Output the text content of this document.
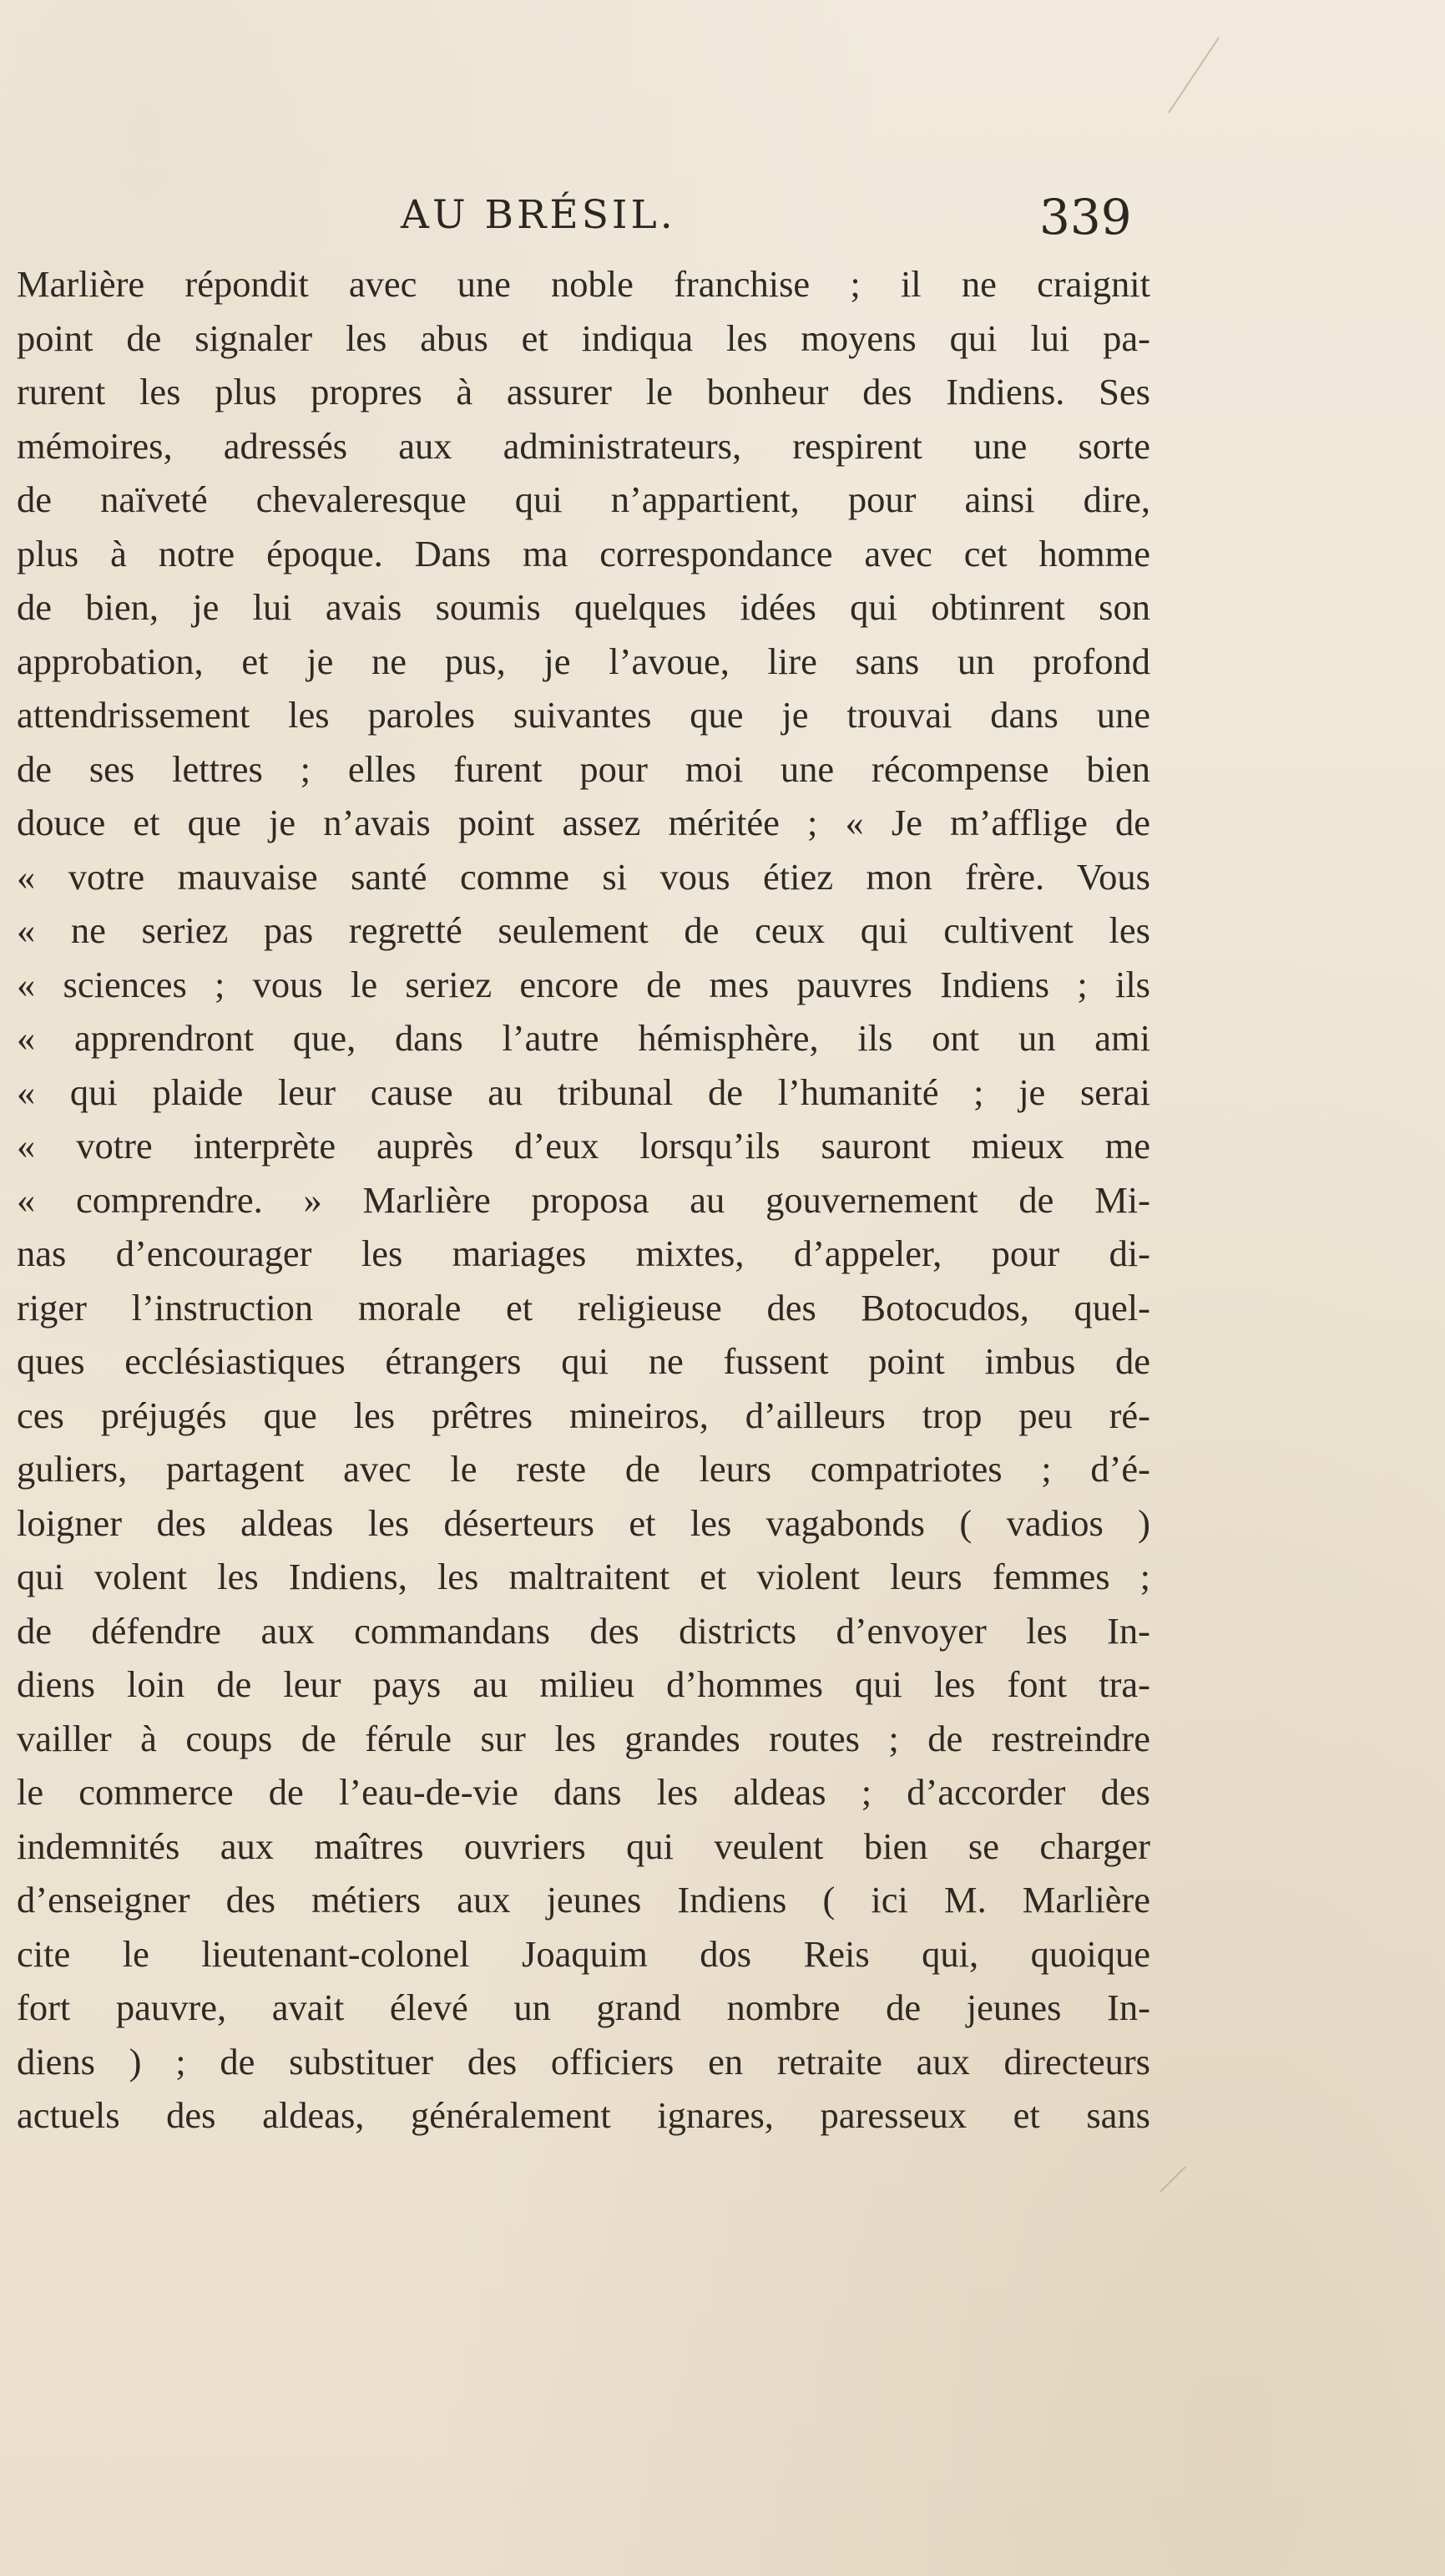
AU BRÉSIL.	339
Marlière répondit avec une noble franchise ; il ne craignit
point de signaler les abus et indiqua les moyens qui lui pa-
rurent les plus propres à assurer le bonheur des Indiens. Ses
mémoires, adressés aux administrateurs, respirent une sorte
de naïveté chevaleresque qui n’appartient, pour ainsi dire,
plus à notre époque. Dans ma correspondance avec cet homme
de bien, je lui avais soumis quelques idées qui obtinrent son
approbation, et je ne pus, je l’avoue, lire sans un profond
attendrissement les paroles suivantes que je trouvai dans une
de ses lettres ; elles furent pour moi une récompense bien
douce et que je n’avais point assez méritée ; « Je m’afflige de
« votre mauvaise santé comme si vous étiez mon frère. Vous
« ne seriez pas regretté seulement de ceux qui cultivent les
« sciences ; vous le seriez encore de mes pauvres Indiens ; ils
« apprendront que, dans l’autre hémisphère, ils ont un ami
« qui plaide leur cause au tribunal de l’humanité ; je serai
« votre interprète auprès d’eux lorsqu’ils sauront mieux me
« comprendre. » Marlière proposa au gouvernement de Mi-
nas d’encourager les mariages mixtes, d’appeler, pour di-
riger l’instruction morale et religieuse des Botocudos, quel-
ques ecclésiastiques étrangers qui ne fussent point imbus de
ces préjugés que les prêtres mineiros, d’ailleurs trop peu ré-
guliers, partagent avec le reste de leurs compatriotes ; d’é-
loigner des aldeas les déserteurs et les vagabonds ( vadios )
qui volent les Indiens, les maltraitent et violent leurs femmes ;
de défendre aux commandans des districts d’envoyer les In-
diens loin de leur pays au milieu d’hommes qui les font tra-
vailler à coups de férule sur les grandes routes ; de restreindre
le commerce de l’eau-de-vie dans les aldeas ; d’accorder des
indemnités aux maîtres ouvriers qui veulent bien se charger
d’enseigner des métiers aux jeunes Indiens ( ici M. Marlière
cite le lieutenant-colonel Joaquim dos Reis qui, quoique
fort pauvre, avait élevé un grand nombre de jeunes In-
diens ) ; de substituer des officiers en retraite aux directeurs
actuels des aldeas, généralement ignares, paresseux et sans
